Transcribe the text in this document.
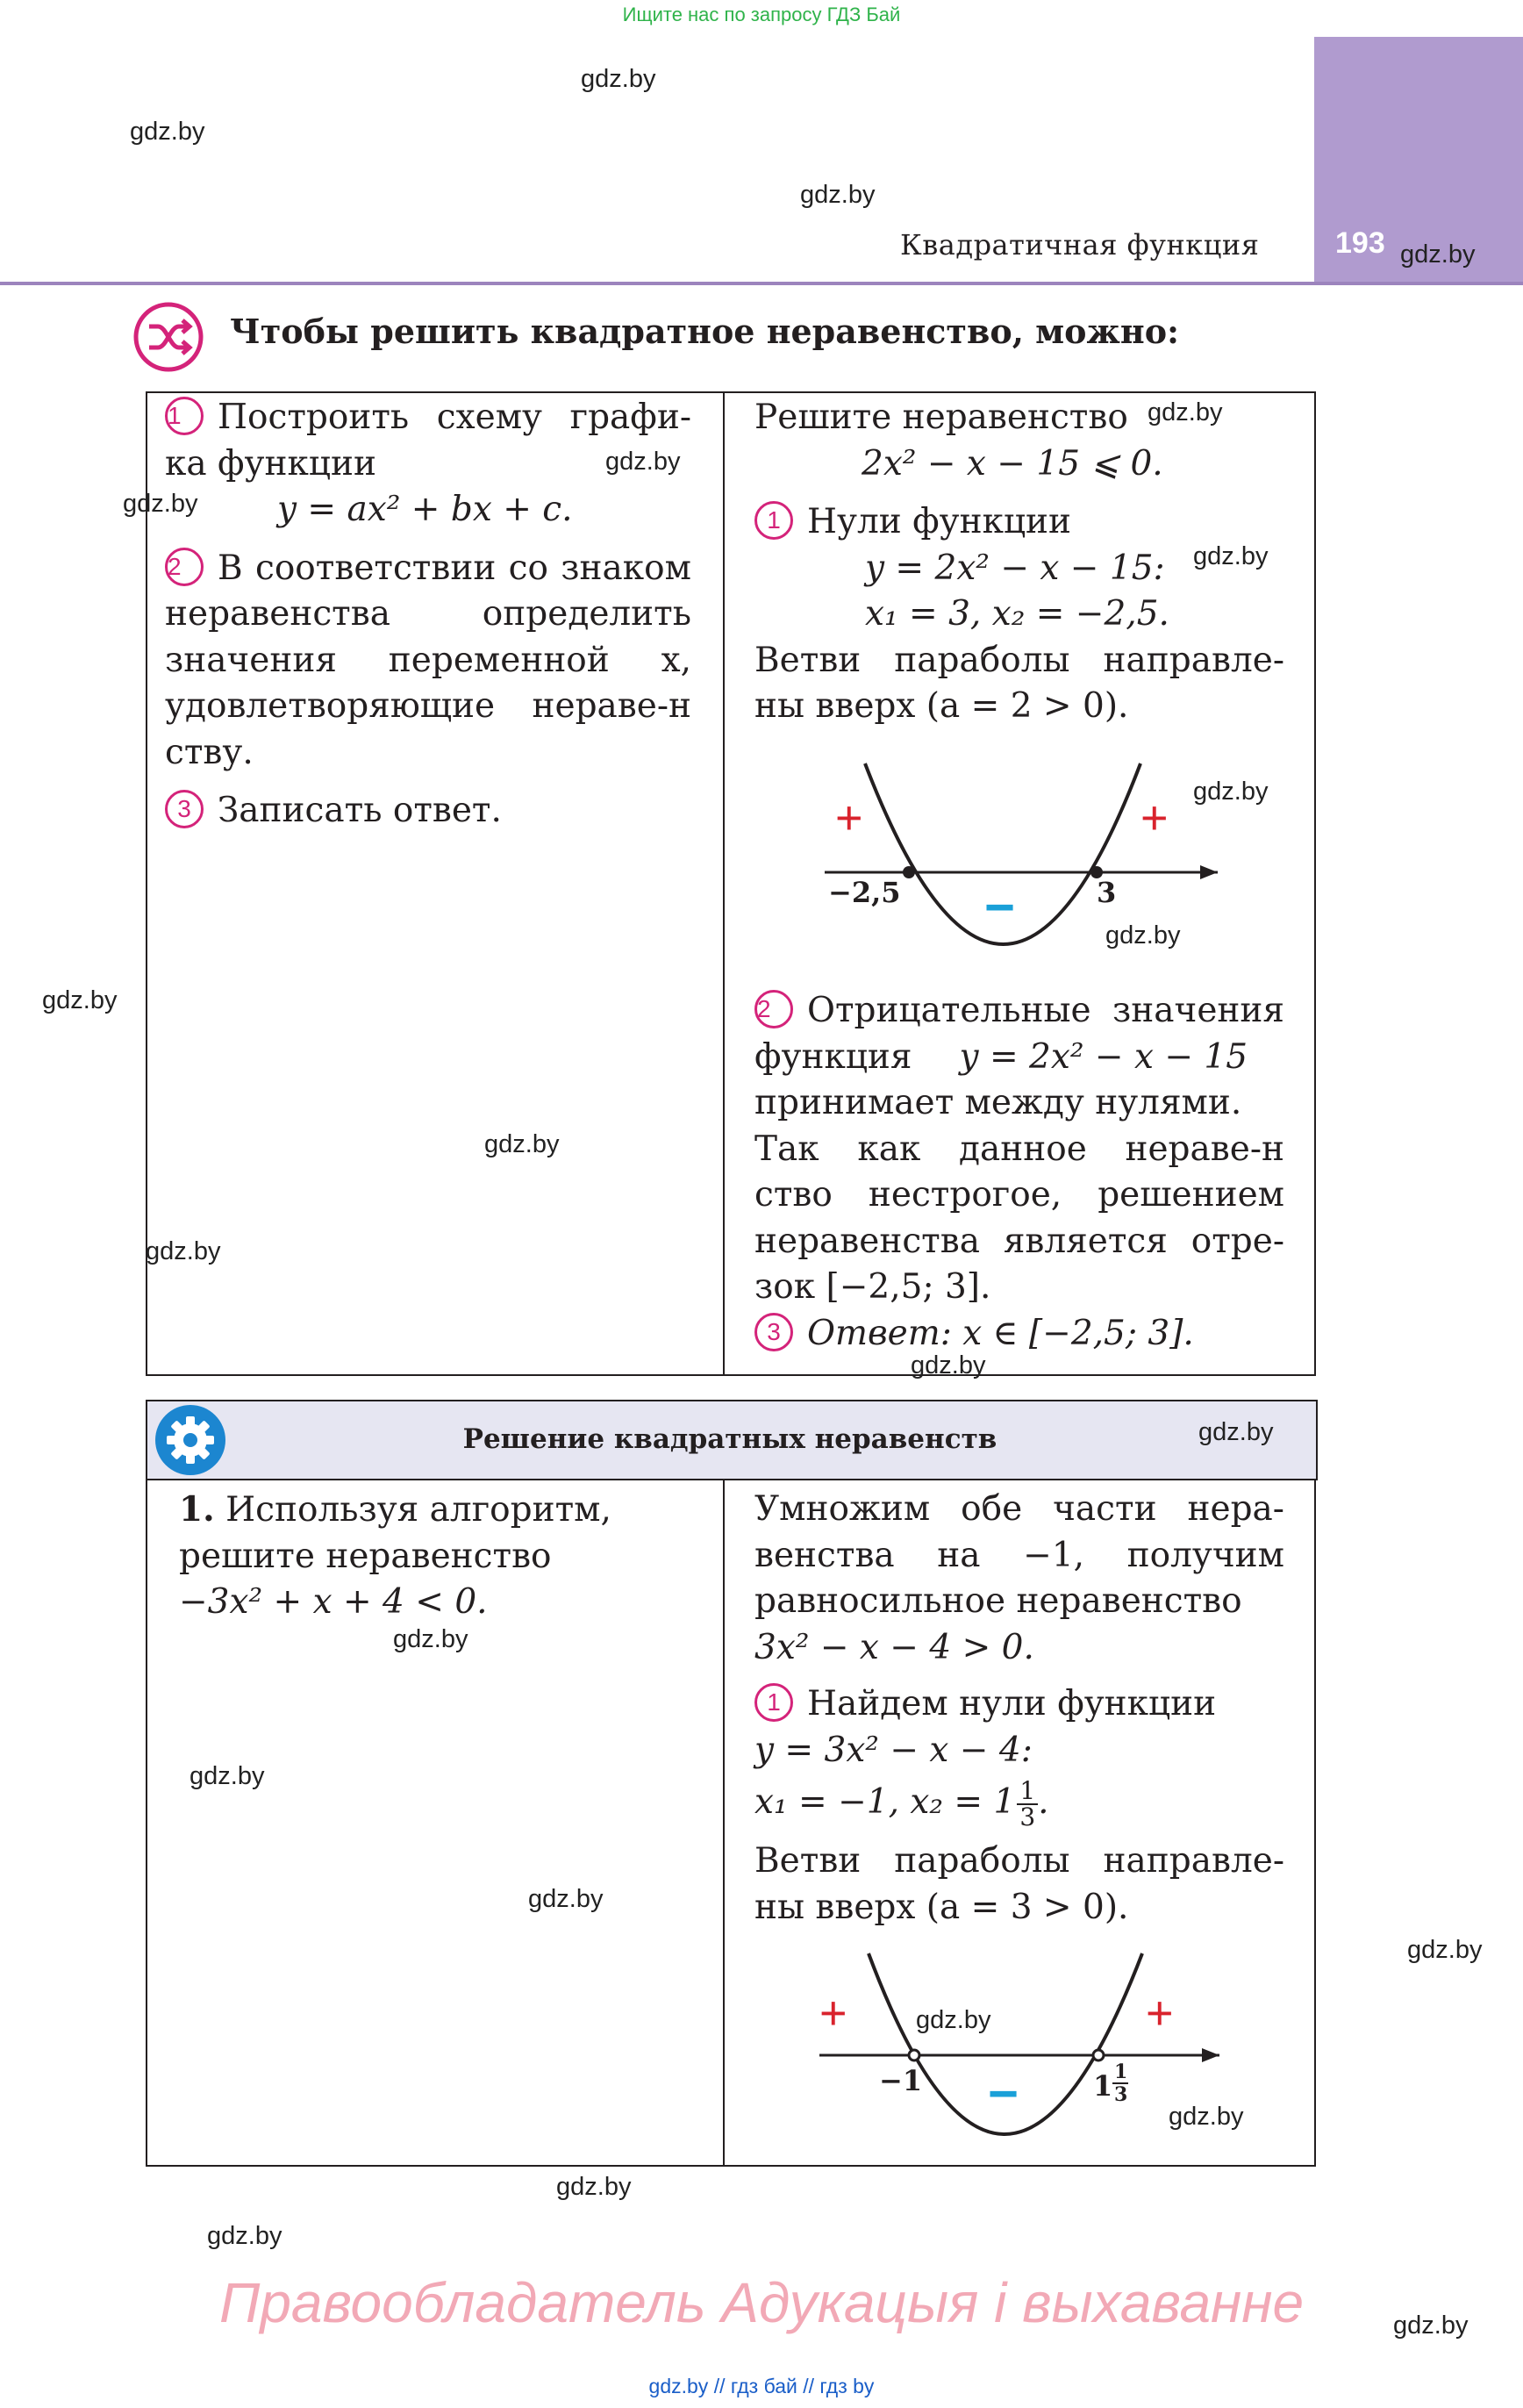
Ищите нас по запросу ГДЗ Бай
193
Квадратичная функция
Чтобы решить квадратное неравенство, можно:
1 Построить схему графи-
ка функции
y = ax² + bx + c.
2 В соответствии со знаком
неравенства определить
значения переменной x,
удовлетворяющие нераве-н
ству.
3 Записать ответ.
Решите неравенство
2x² − x − 15 ⩽ 0.
1 Нули функции
y = 2x² − x − 15:
x₁ = 3, x₂ = −2,5.
Ветви параболы направле-
ны вверх (a = 2 > 0).
+	+
−
−2,5	3
2 Отрицательные значения
функция y = 2x² − x − 15
принимает между нулями.
Так как данное нераве-н
ство нестрогое, решением
неравенства является отре-
зок [−2,5; 3].
3 Ответ: x ∈ [−2,5; 3].
Решение квадратных неравенств
1. Используя алгоритм,
решите неравенство
−3x² + x + 4 < 0.
Умножим обе части нера-
венства на −1, получим
равносильное неравенство
3x² − x − 4 > 0.
1 Найдем нули функции
y = 3x² − x − 4:
x₁ = −1, $x_2 = 1 \frac{1}{3}$ .
Ветви параболы направле-
ны вверх (a = 3 > 0).
+	+
−
−1	1 1
3
gdz.by
gdz.by
gdz.by
gdz.by
gdz.by
gdz.by
gdz.by
gdz.by
gdz.by
gdz.by
gdz.by
gdz.by
gdz.by
gdz.by
gdz.by
gdz.by
gdz.by
gdz.by
gdz.by
gdz.by
gdz.by
gdz.by
gdz.by
gdz.by
Правообладатель Адукацыя і выхаванне
gdz.by // гдз бай // гдз by
